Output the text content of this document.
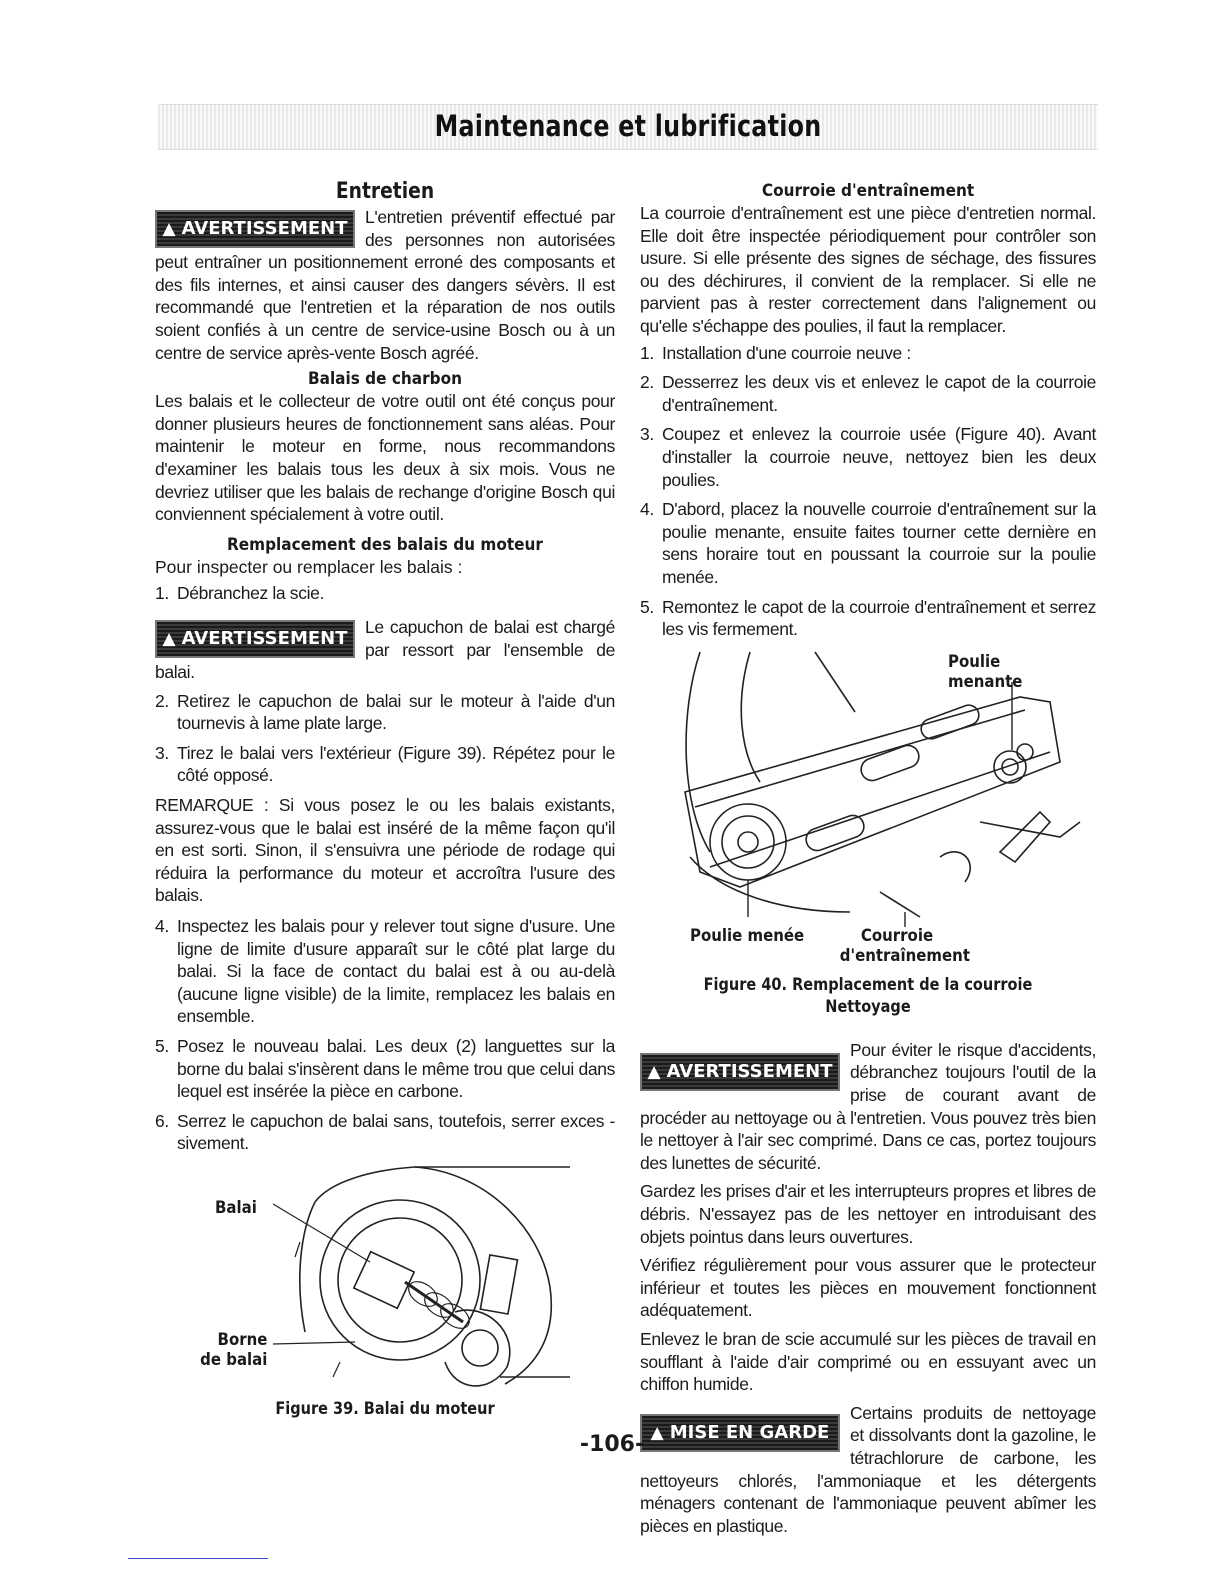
Maintenance et lubrification
Entretien
▲ AVERTISSEMENT

L'entretien préventif effectué par des personnes non autorisées peut entraîner un positionnement erroné des composants et des fils internes, et ainsi causer des dangers sévèrs. Il est recommandé que l'entretien et la réparation de nos outils soient confiés à un centre de service-usine Bosch ou à un centre de service après-vente Bosch agréé.

Balais de charbon

Les balais et le collecteur de votre outil ont été conçus pour donner plusieurs heures de fonctionnement sans aléas. Pour maintenir le moteur en forme, nous recommandons d'examiner les balais tous les deux à six mois. Vous ne devriez utiliser que les balais de rechange d'origine Bosch qui conviennent spécialement à votre outil.

Remplacement des balais du moteur

Pour inspecter ou remplacer les balais :

1. Débranchez la scie.
▲ AVERTISSEMENT

Le capuchon de balai est chargé par ressort par l'ensemble de balai.

2. Retirez le capuchon de balai sur le moteur à l'aide d'un tournevis à lame plate large.
3. Tirez le balai vers l'extérieur (Figure 39). Répétez pour le côté opposé.

REMARQUE : Si vous posez le ou les balais existants, assurez-vous que le balai est inséré de la même façon qu'il en est sorti. Sinon, il s'ensuivra une période de rodage qui réduira la performance du moteur et accroîtra l'usure des balais.

4. Inspectez les balais pour y relever tout signe d'usure. Une ligne de limite d'usure apparaît sur le côté plat large du balai. Si la face de contact du balai est à ou au-delà (aucune ligne visible) de la limite, remplacez les balais en ensemble.
5. Posez le nouveau balai. Les deux (2) languettes sur la borne du balai s'insèrent dans le même trou que celui dans lequel est insérée la pièce en carbone.
6. Serrez le capuchon de balai sans, toutefois, serrer exces - sivement.
Balai
Borne de balai
Figure 39. Balai du moteur
Courroie d'entraînement

La courroie d'entraînement est une pièce d'entretien normal. Elle doit être inspectée périodiquement pour contrôler son usure. Si elle présente des signes de séchage, des fissures ou des déchirures, il convient de la remplacer. Si elle ne parvient pas à rester correctement dans l'alignement ou qu'elle s'échappe des poulies, il faut la remplacer.

1. Installation d'une courroie neuve :
2. Desserrez les deux vis et enlevez le capot de la courroie d'entraînement.
3. Coupez et enlevez la courroie usée (Figure 40). Avant d'installer la courroie neuve, nettoyez bien les deux poulies.
4. D'abord, placez la nouvelle courroie d'entraînement sur la poulie menante, ensuite faites tourner cette dernière en sens horaire tout en poussant la courroie sur la poulie menée.
5. Remontez le capot de la courroie d'entraînement et serrez les vis fermement.
Poulie menante
Poulie menée	Courroie d'entraînement
Figure 40. Remplacement de la courroie Nettoyage
▲ AVERTISSEMENT

Pour éviter le risque d'accidents, débranchez toujours l'outil de la prise de courant avant de procéder au nettoyage ou à l'entretien. Vous pouvez très bien le nettoyer à l'air sec comprimé. Dans ce cas, portez toujours des lunettes de sécurité.

Gardez les prises d'air et les interrupteurs propres et libres de débris. N'essayez pas de les nettoyer en introduisant des objets pointus dans leurs ouvertures.

Vérifiez régulièrement pour vous assurer que le protecteur inférieur et toutes les pièces en mouvement fonctionnent adéquatement.

Enlevez le bran de scie accumulé sur les pièces de travail en soufflant à l'aide d'air comprimé ou en essuyant avec un chiffon humide.

▲ MISE EN GARDE

Certains produits de nettoyage et dissolvants dont la gazoline, le tétrachlorure de carbone, les nettoyeurs chlorés, l'ammoniaque et les détergents ménagers contenant de l'ammoniaque peuvent abîmer les pièces en plastique.

-106-
